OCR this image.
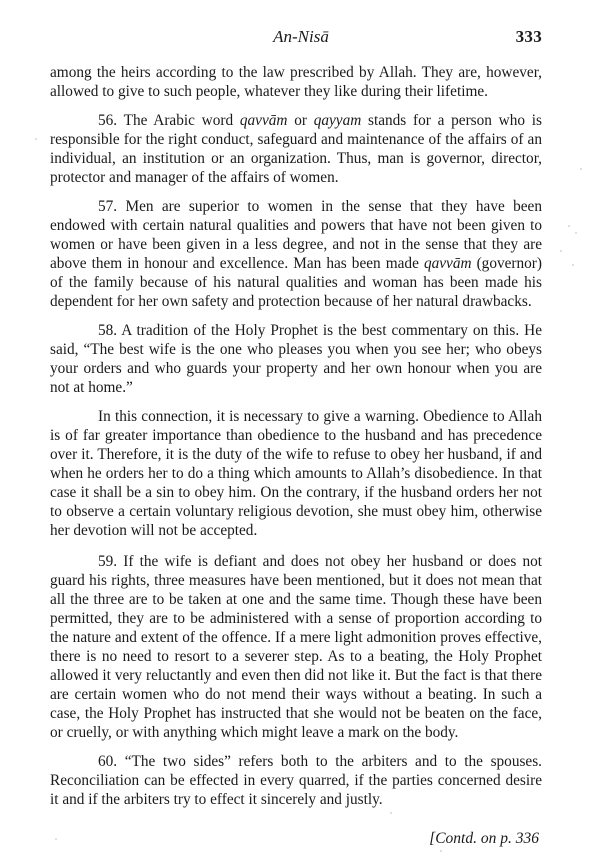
An-Nisā	333

among the heirs according to the law prescribed by Allah. They are, however, allowed to give to such people, whatever they like during their lifetime.

56. The Arabic word qavvām or qayyam stands for a person who is responsible for the right conduct, safeguard and maintenance of the affairs of an individual, an institution or an organization. Thus, man is governor, director, protector and manager of the affairs of women.

57. Men are superior to women in the sense that they have been endowed with certain natural qualities and powers that have not been given to women or have been given in a less degree, and not in the sense that they are above them in honour and excellence. Man has been made qavvām (governor) of the family because of his natural qualities and woman has been made his dependent for her own safety and protection because of her natural drawbacks.

58. A tradition of the Holy Prophet is the best commentary on this. He said, “The best wife is the one who pleases you when you see her; who obeys your orders and who guards your property and her own honour when you are not at home.”

In this connection, it is necessary to give a warning. Obedience to Allah is of far greater importance than obedience to the husband and has precedence over it. Therefore, it is the duty of the wife to refuse to obey her husband, if and when he orders her to do a thing which amounts to Allah’s disobedience. In that case it shall be a sin to obey him. On the contrary, if the husband orders her not to observe a certain voluntary religious devotion, she must obey him, otherwise her devotion will not be accepted.

59. If the wife is defiant and does not obey her husband or does not guard his rights, three measures have been mentioned, but it does not mean that all the three are to be taken at one and the same time. Though these have been permitted, they are to be administered with a sense of proportion according to the nature and extent of the offence. If a mere light admonition proves effective, there is no need to resort to a severer step. As to a beating, the Holy Prophet allowed it very reluctantly and even then did not like it. But the fact is that there are certain women who do not mend their ways without a beating. In such a case, the Holy Prophet has instructed that she would not be beaten on the face, or cruelly, or with anything which might leave a mark on the body.

60. “The two sides” refers both to the arbiters and to the spouses. Reconciliation can be effected in every quarred, if the parties concerned desire it and if the arbiters try to effect it sincerely and justly.

[Contd. on p. 336
